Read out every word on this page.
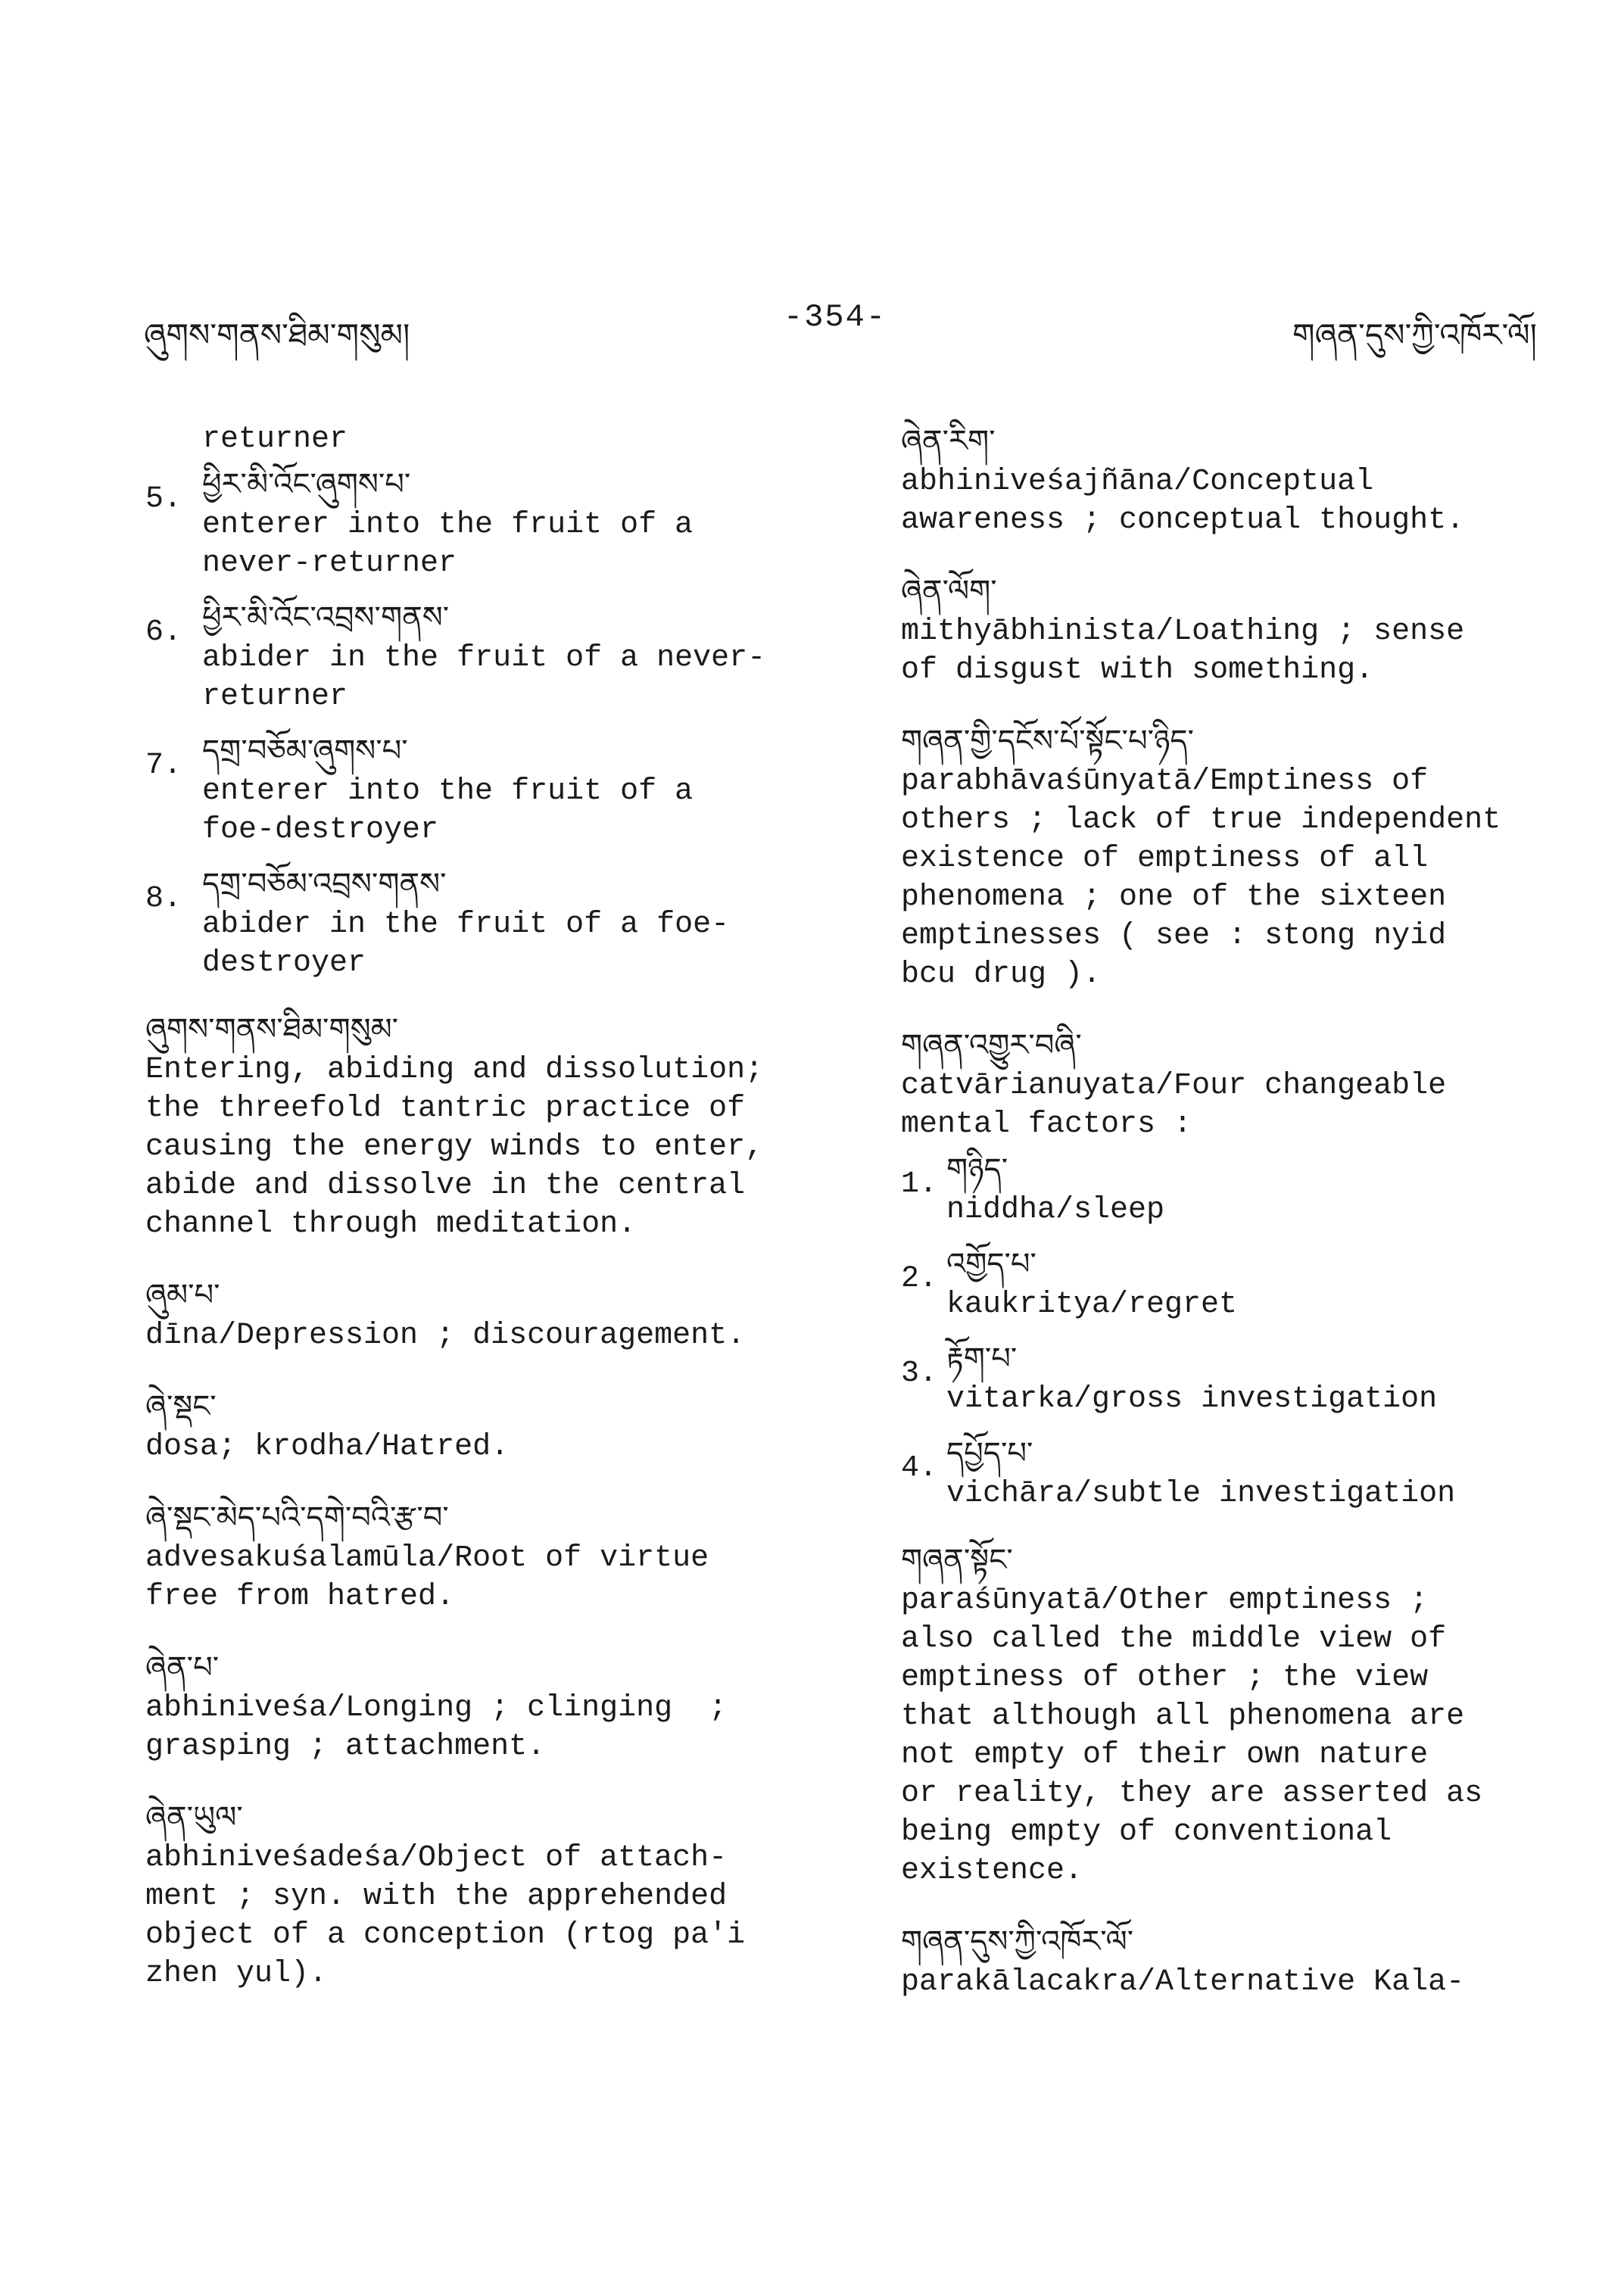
ཞུགས་གནས་ཐིམ་གསུམ།	-354-	གཞན་དུས་ཀྱི་འཁོར་ལོ།
returner
5. ཕྱིར་མི་འོང་ཞུགས་པ་
enterer into the fruit of a
never-returner
6. ཕྱིར་མི་འོང་འབྲས་གནས་
abider in the fruit of a never-
returner
7. དགྲ་བཅོམ་ཞུགས་པ་
enterer into the fruit of a
foe-destroyer
8. དགྲ་བཅོམ་འབྲས་གནས་
abider in the fruit of a foe-
destroyer
ཞུགས་གནས་ཐིམ་གསུམ་
Entering, abiding and dissolution;
the threefold tantric practice of
causing the energy winds to enter,
abide and dissolve in the central
channel through meditation.
ཞུམ་པ་
dīna/Depression ; discouragement.
ཞེ་སྡང་
dosa; krodha/Hatred.
ཞེ་སྡང་མེད་པའི་དགེ་བའི་རྩ་བ་
advesakuśalamūla/Root of virtue
free from hatred.
ཞེན་པ་
abhiniveśa/Longing ; clinging  ;
grasping ; attachment.
ཞེན་ཡུལ་
abhiniveśadeśa/Object of attach-
ment ; syn. with the apprehended
object of a conception (rtog pa'i
zhen yul).
ཞེན་རིག་
abhiniveśajñāna/Conceptual
awareness ; conceptual thought.
ཞེན་ལོག་
mithyābhinista/Loathing ; sense
of disgust with something.
གཞན་གྱི་དངོས་པོ་སྟོང་པ་ཉིད་
parabhāvaśūnyatā/Emptiness of
others ; lack of true independent
existence of emptiness of all
phenomena ; one of the sixteen
emptinesses ( see : stong nyid
bcu drug ).
གཞན་འགྱུར་བཞི་
catvārianuyata/Four changeable
mental factors :
1. གཉིད་
niddha/sleep
2. འགྱོད་པ་
kaukritya/regret
3. རྟོག་པ་
vitarka/gross investigation
4. དཔྱོད་པ་
vichāra/subtle investigation
གཞན་སྟོང་
paraśūnyatā/Other emptiness ;
also called the middle view of
emptiness of other ; the view
that although all phenomena are
not empty of their own nature
or reality, they are asserted as
being empty of conventional
existence.
གཞན་དུས་ཀྱི་འཁོར་ལོ་
parakālacakra/Alternative Kala-
